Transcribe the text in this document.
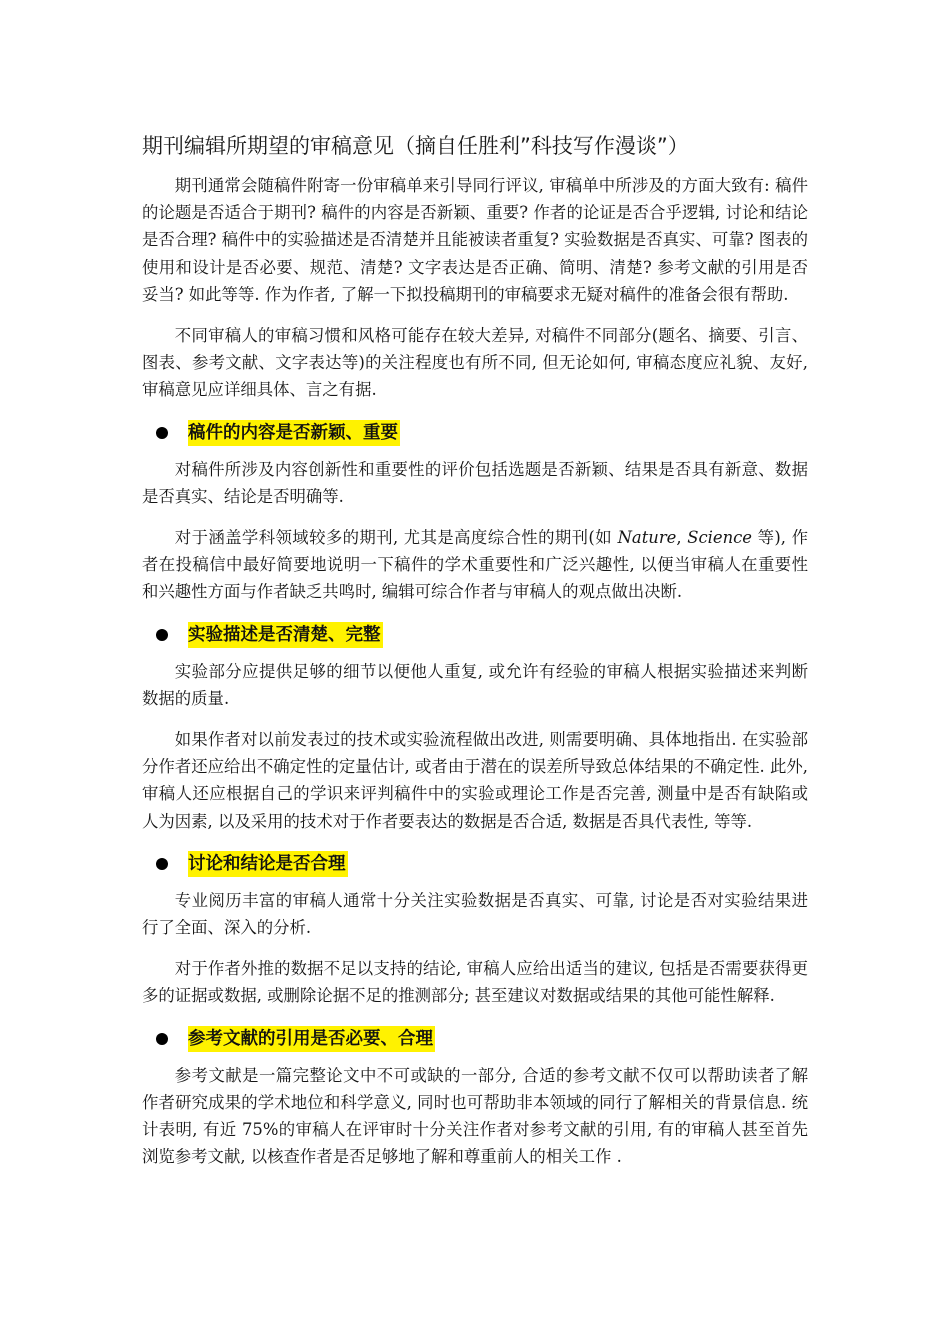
期刊编辑所期望的审稿意见（摘自任胜利”科技写作漫谈”）

期刊通常会随稿件附寄一份审稿单来引导同行评议, 审稿单中所涉及的方面大致有: 稿件的论题是否适合于期刊? 稿件的内容是否新颖、重要? 作者的论证是否合乎逻辑, 讨论和结论是否合理? 稿件中的实验描述是否清楚并且能被读者重复? 实验数据是否真实、可靠? 图表的使用和设计是否必要、规范、清楚? 文字表达是否正确、简明、清楚? 参考文献的引用是否妥当? 如此等等. 作为作者, 了解一下拟投稿期刊的审稿要求无疑对稿件的准备会很有帮助.

不同审稿人的审稿习惯和风格可能存在较大差异, 对稿件不同部分(题名、摘要、引言、图表、参考文献、文字表达等)的关注程度也有所不同, 但无论如何, 审稿态度应礼貌、友好, 审稿意见应详细具体、言之有据.

稿件的内容是否新颖、重要

对稿件所涉及内容创新性和重要性的评价包括选题是否新颖、结果是否具有新意、数据是否真实、结论是否明确等.

对于涵盖学科领域较多的期刊, 尤其是高度综合性的期刊(如 Nature, Science 等), 作者在投稿信中最好简要地说明一下稿件的学术重要性和广泛兴趣性, 以便当审稿人在重要性和兴趣性方面与作者缺乏共鸣时, 编辑可综合作者与审稿人的观点做出决断.

实验描述是否清楚、完整

实验部分应提供足够的细节以便他人重复, 或允许有经验的审稿人根据实验描述来判断数据的质量.

如果作者对以前发表过的技术或实验流程做出改进, 则需要明确、具体地指出. 在实验部分作者还应给出不确定性的定量估计, 或者由于潜在的误差所导致总体结果的不确定性. 此外, 审稿人还应根据自己的学识来评判稿件中的实验或理论工作是否完善, 测量中是否有缺陷或人为因素, 以及采用的技术对于作者要表达的数据是否合适, 数据是否具代表性, 等等.

讨论和结论是否合理

专业阅历丰富的审稿人通常十分关注实验数据是否真实、可靠, 讨论是否对实验结果进行了全面、深入的分析.

对于作者外推的数据不足以支持的结论, 审稿人应给出适当的建议, 包括是否需要获得更多的证据或数据, 或删除论据不足的推测部分; 甚至建议对数据或结果的其他可能性解释.

参考文献的引用是否必要、合理

参考文献是一篇完整论文中不可或缺的一部分, 合适的参考文献不仅可以帮助读者了解作者研究成果的学术地位和科学意义, 同时也可帮助非本领域的同行了解相关的背景信息. 统计表明, 有近 75%的审稿人在评审时十分关注作者对参考文献的引用, 有的审稿人甚至首先浏览参考文献, 以核查作者是否足够地了解和尊重前人的相关工作 .
